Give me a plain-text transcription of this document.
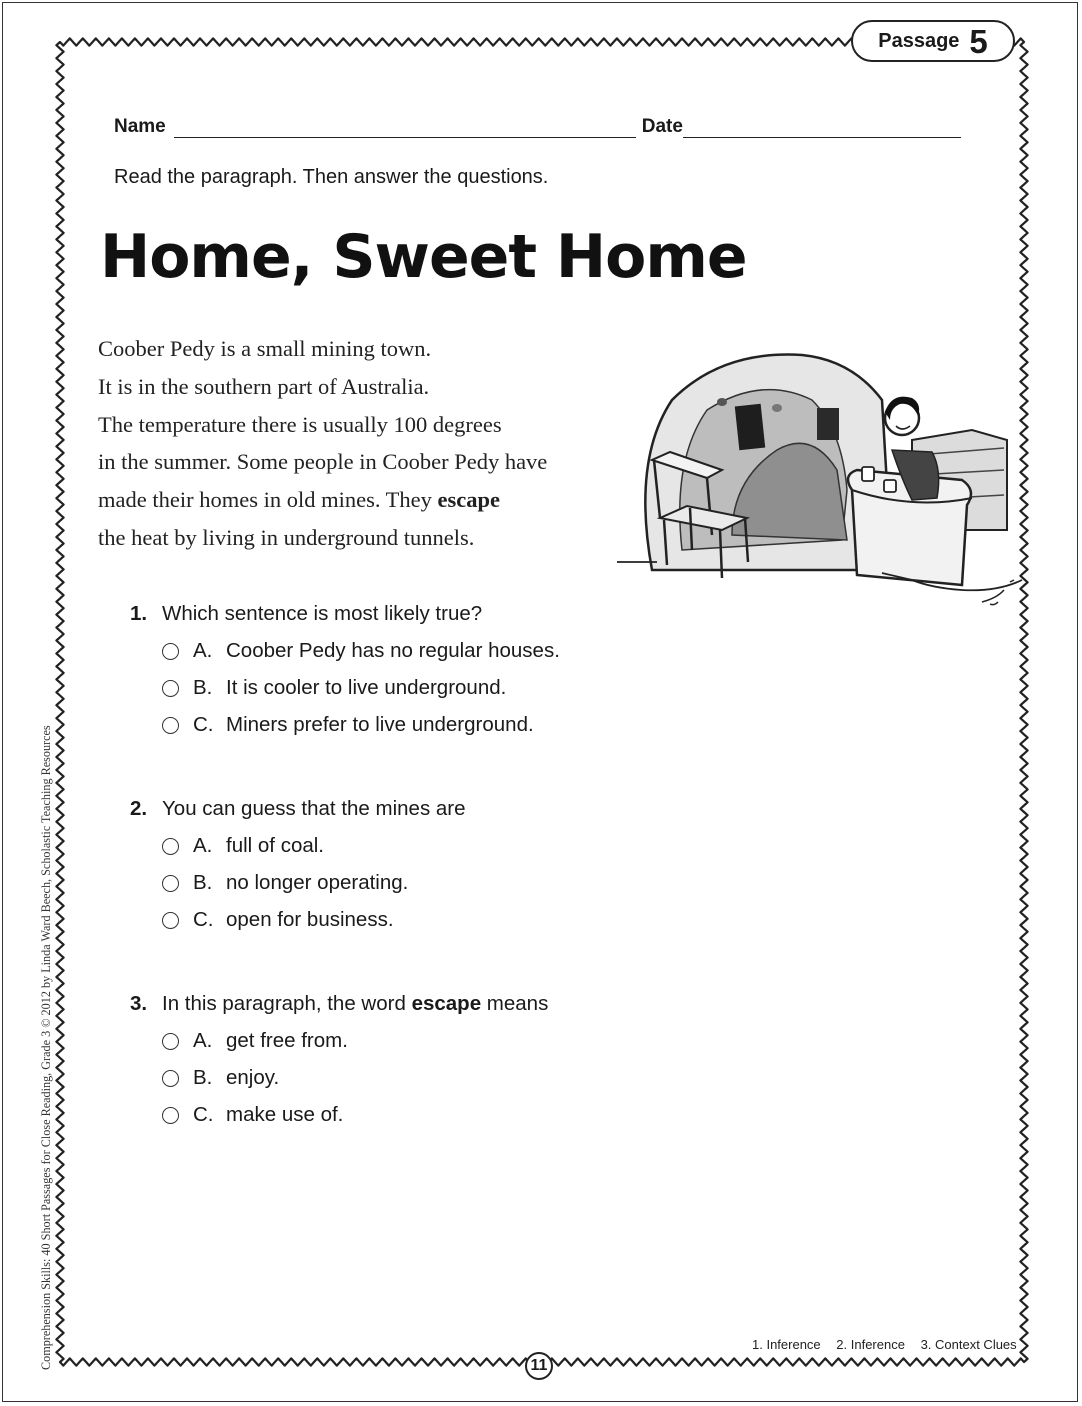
Passage 5
Name	Date
Read the paragraph. Then answer the questions.
Home, Sweet Home
Coober Pedy is a small mining town.
It is in the southern part of Australia.
The temperature there is usually 100 degrees
in the summer. Some people in Coober Pedy have
made their homes in old mines. They escape
the heat by living in underground tunnels.
1. Which sentence is most likely true?
A. Coober Pedy has no regular houses.
B. It is cooler to live underground.
C. Miners prefer to live underground.
2. You can guess that the mines are
A. full of coal.
B. no longer operating.
C. open for business.
3. In this paragraph, the word escape means
A. get free from.
B. enjoy.
C. make use of.
1. Inference 2. Inference 3. Context Clues
11
Comprehension Skills: 40 Short Passages for Close Reading, Grade 3 © 2012 by Linda Ward Beech, Scholastic Teaching Resources
